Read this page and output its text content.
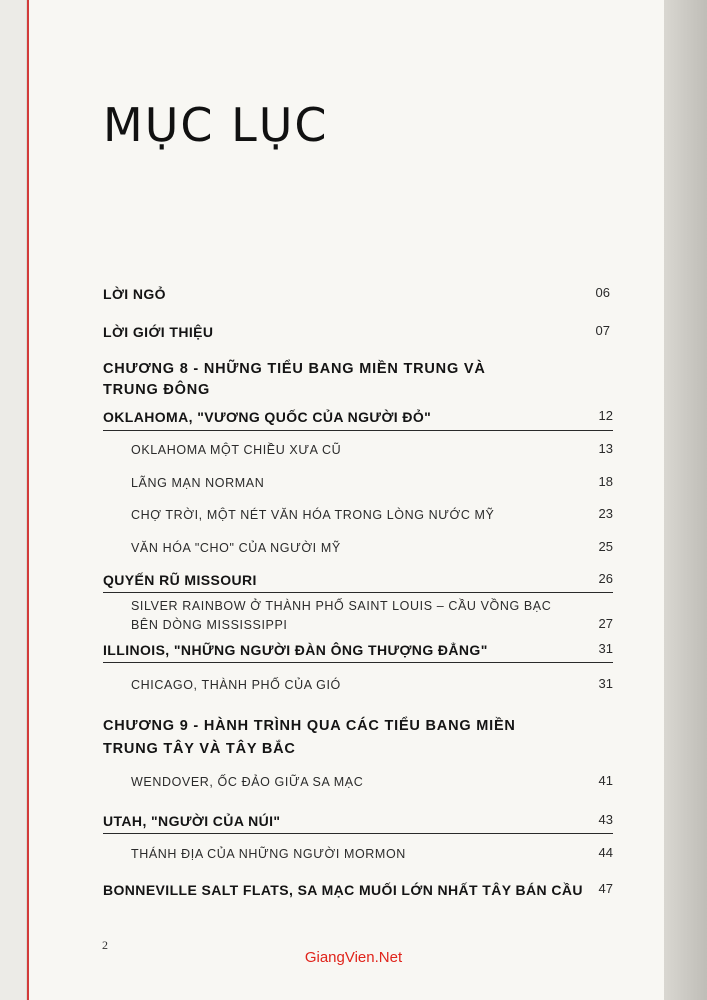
MỤC LỤC
LỜI NGỎ	06
LỜI GIỚI THIỆU	07
CHƯƠNG 8 - NHỮNG TIỂU BANG MIỀN TRUNG VÀ
TRUNG ĐÔNG
OKLAHOMA, "VƯƠNG QUỐC CỦA NGƯỜI ĐỎ"	12
OKLAHOMA MỘT CHIỀU XƯA CŨ	13
LÃNG MẠN NORMAN	18
CHỢ TRỜI, MỘT NÉT VĂN HÓA TRONG LÒNG NƯỚC MỸ	23
VĂN HÓA "CHO" CỦA NGƯỜI MỸ	25
QUYẾN RŨ MISSOURI	26
SILVER RAINBOW Ở THÀNH PHỐ SAINT LOUIS – CẦU VỒNG BẠC
BÊN DÒNG MISSISSIPPI	27
ILLINOIS, "NHỮNG NGƯỜI ĐÀN ÔNG THƯỢNG ĐẲNG"	31
CHICAGO, THÀNH PHỐ CỦA GIÓ	31
CHƯƠNG 9 - HÀNH TRÌNH QUA CÁC TIỂU BANG MIỀN
TRUNG TÂY VÀ TÂY BẮC
WENDOVER, ỐC ĐẢO GIỮA SA MẠC	41
UTAH, "NGƯỜI CỦA NÚI"	43
THÁNH ĐỊA CỦA NHỮNG NGƯỜI MORMON	44
BONNEVILLE SALT FLATS, SA MẠC MUỐI LỚN NHẤT TÂY BÁN CẦU	47
2
GiangVien.Net
